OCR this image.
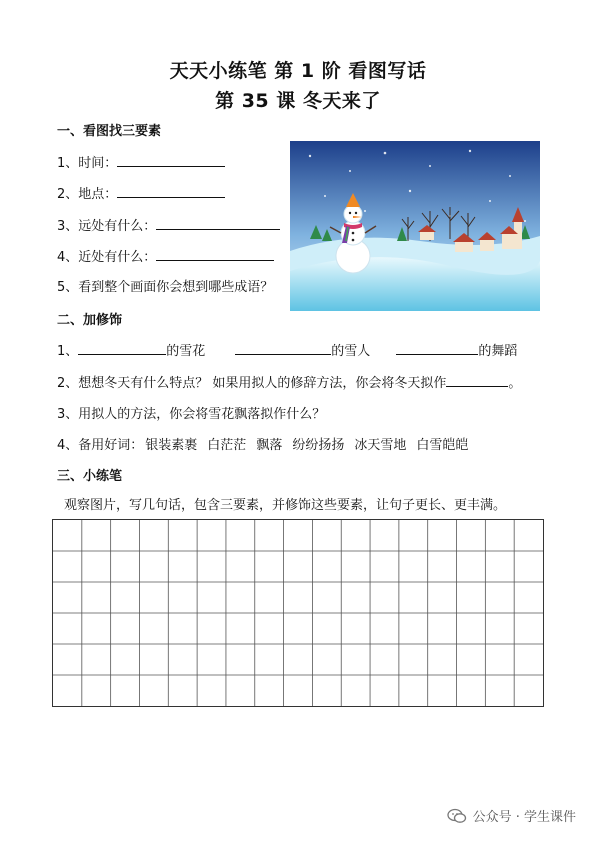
天天小练笔 第 1 阶 看图写话
第 35 课 冬天来了
一、看图找三要素
1、时间：
2、地点：
3、远处有什么：
4、近处有什么：
5、看到整个画面你会想到哪些成语？
二、加修饰
1、	的雪花	的雪人	的舞蹈
2、想想冬天有什么特点？ 如果用拟人的修辞方法，你会将冬天拟作	。
3、用拟人的方法，你会将雪花飘落拟作什么？
4、备用好词： 银装素裹 白茫茫 飘落 纷纷扬扬 冰天雪地 白雪皑皑
三、小练笔
观察图片，写几句话，包含三要素，并修饰这些要素，让句子更长、更丰满。
公众号 · 学生课件
